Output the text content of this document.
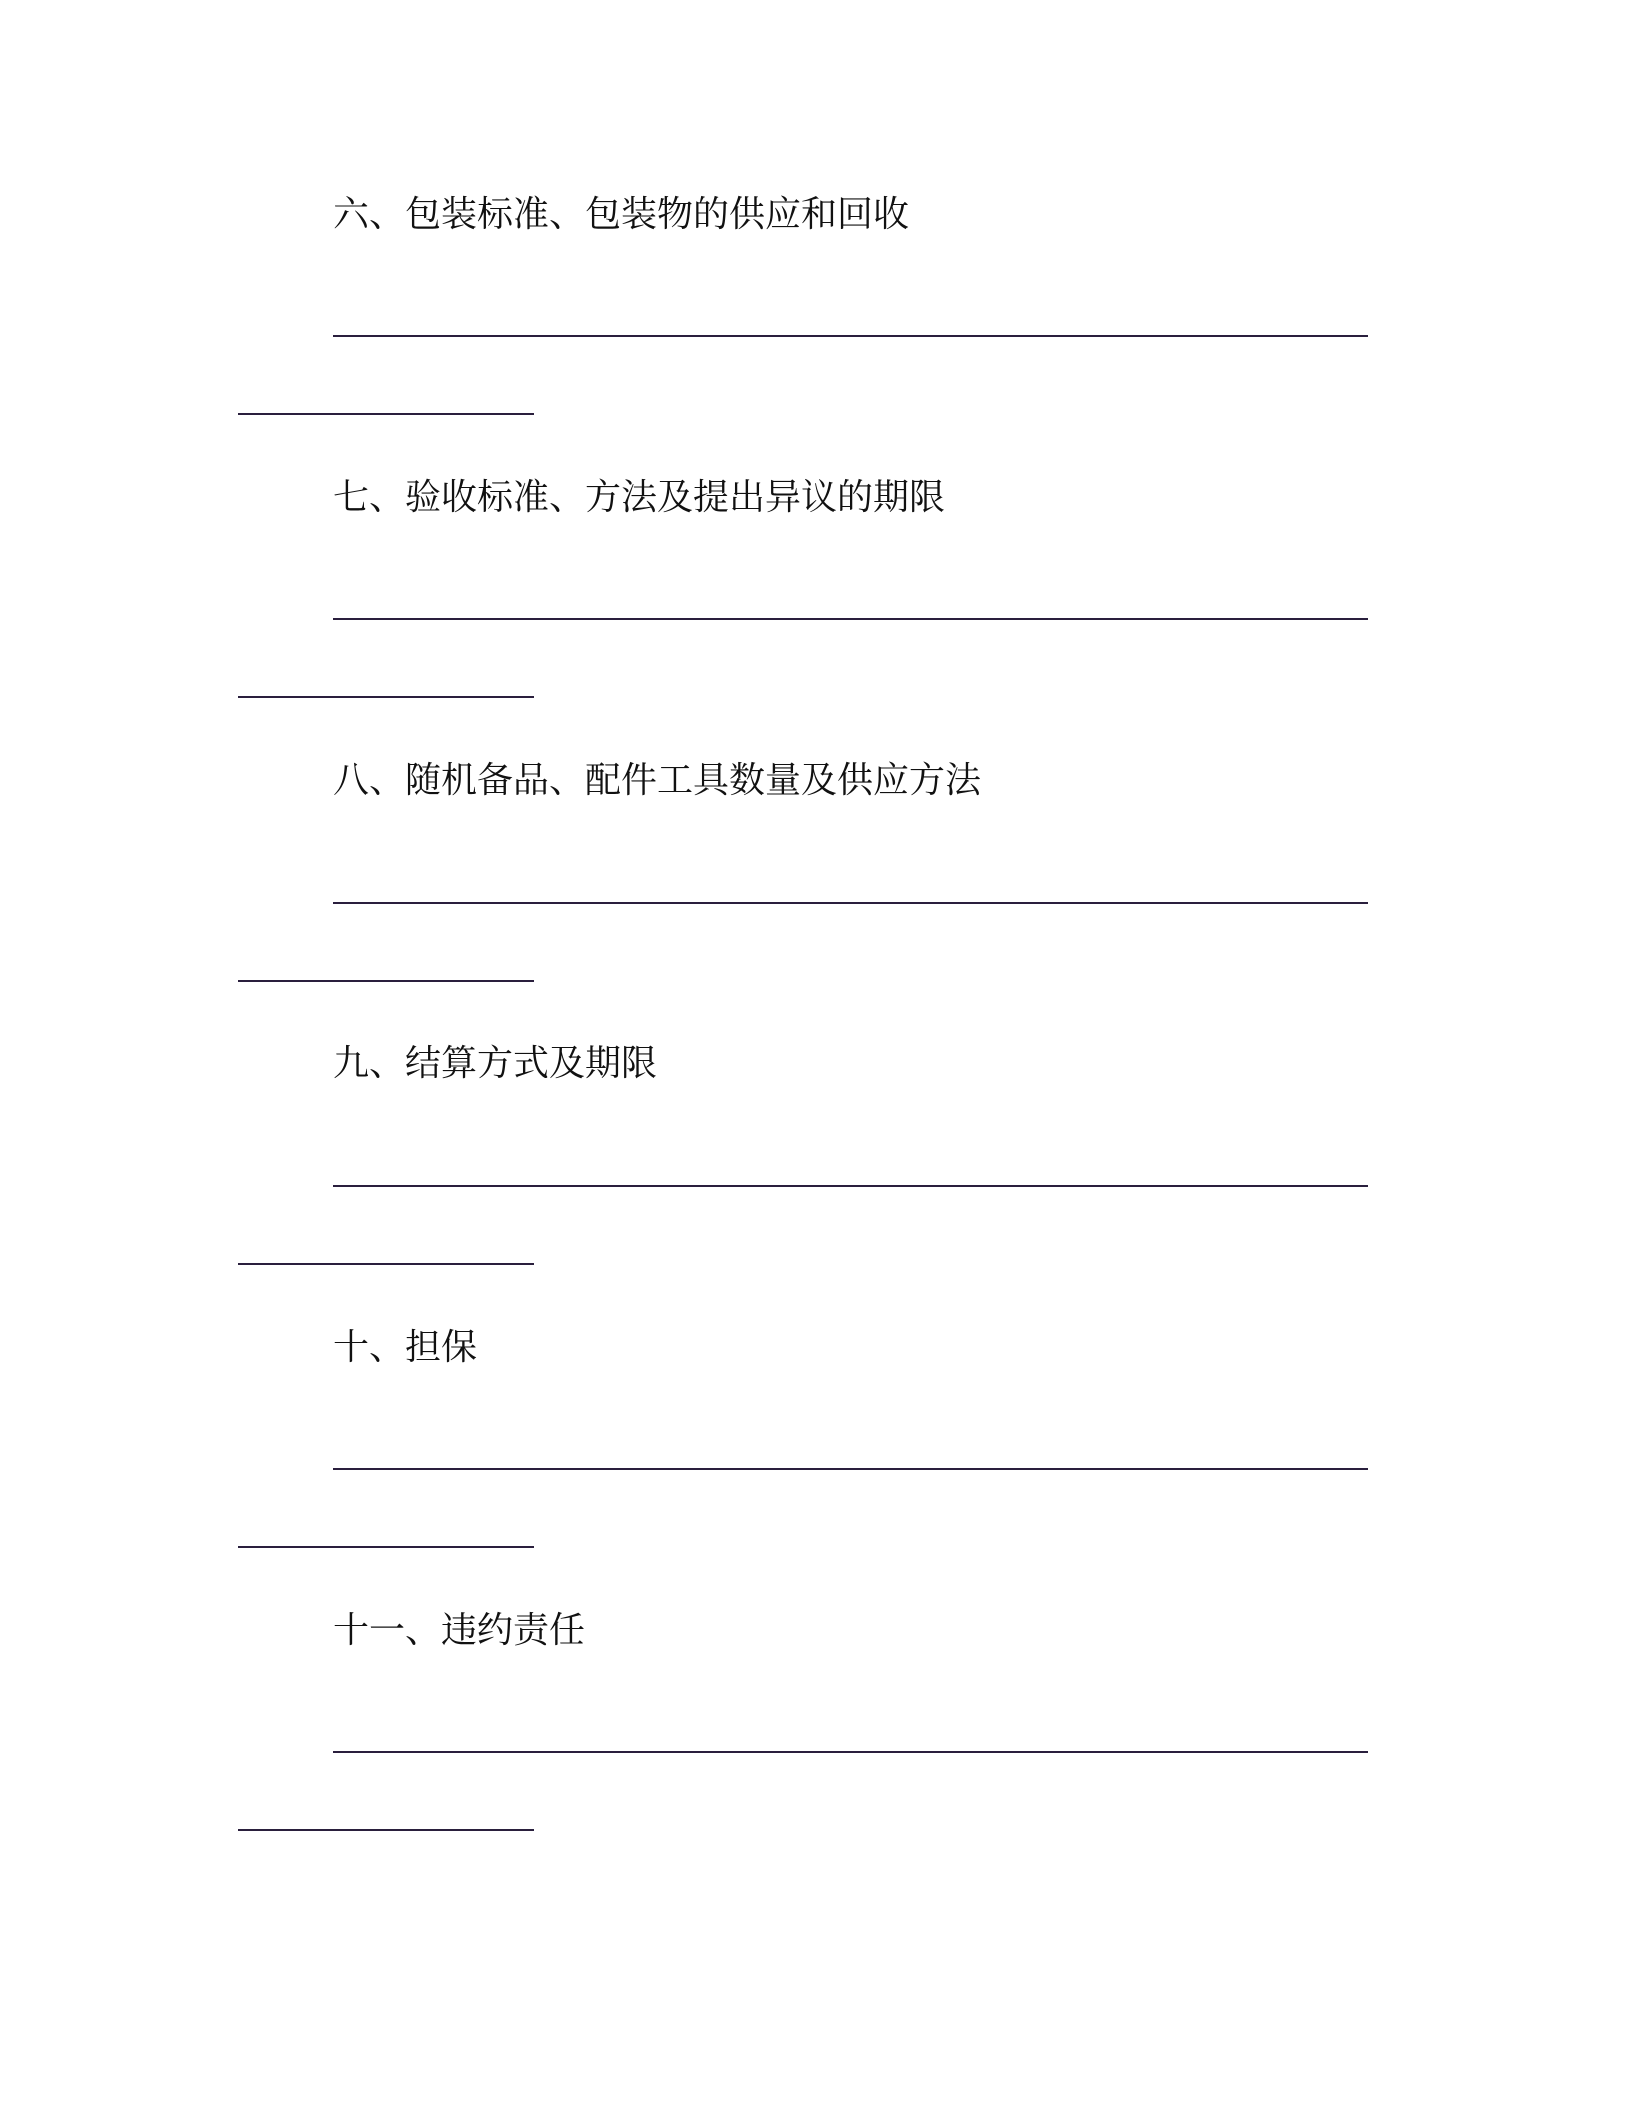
六、包装标准、包装物的供应和回收
七、验收标准、方法及提出异议的期限
八、随机备品、配件工具数量及供应方法
九、结算方式及期限
十、担保
十一、违约责任
